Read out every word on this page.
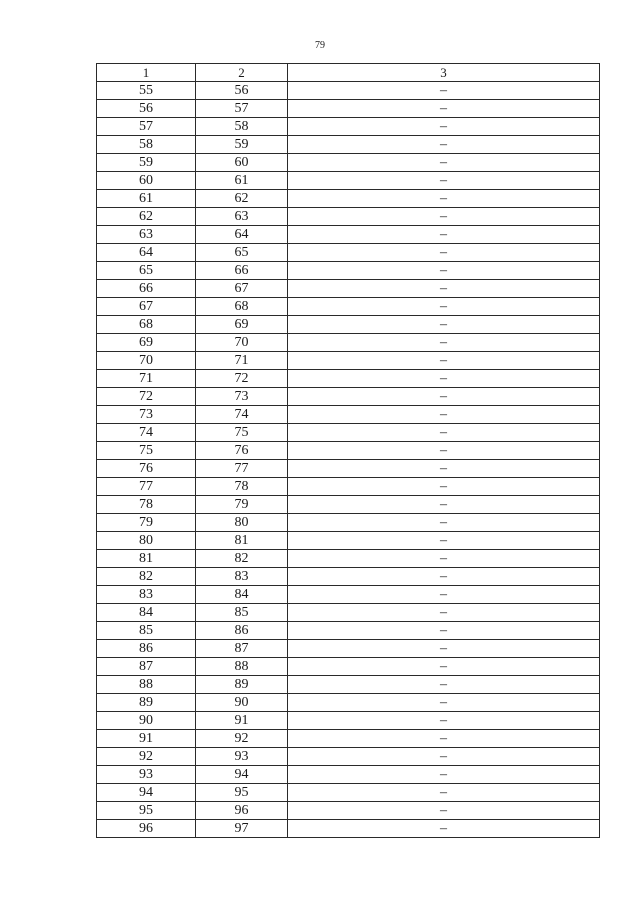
79
1	2	3
55	56	–
56	57	–
57	58	–
58	59	–
59	60	–
60	61	–
61	62	–
62	63	–
63	64	–
64	65	–
65	66	–
66	67	–
67	68	–
68	69	–
69	70	–
70	71	–
71	72	–
72	73	–
73	74	–
74	75	–
75	76	–
76	77	–
77	78	–
78	79	–
79	80	–
80	81	–
81	82	–
82	83	–
83	84	–
84	85	–
85	86	–
86	87	–
87	88	–
88	89	–
89	90	–
90	91	–
91	92	–
92	93	–
93	94	–
94	95	–
95	96	–
96	97	–
